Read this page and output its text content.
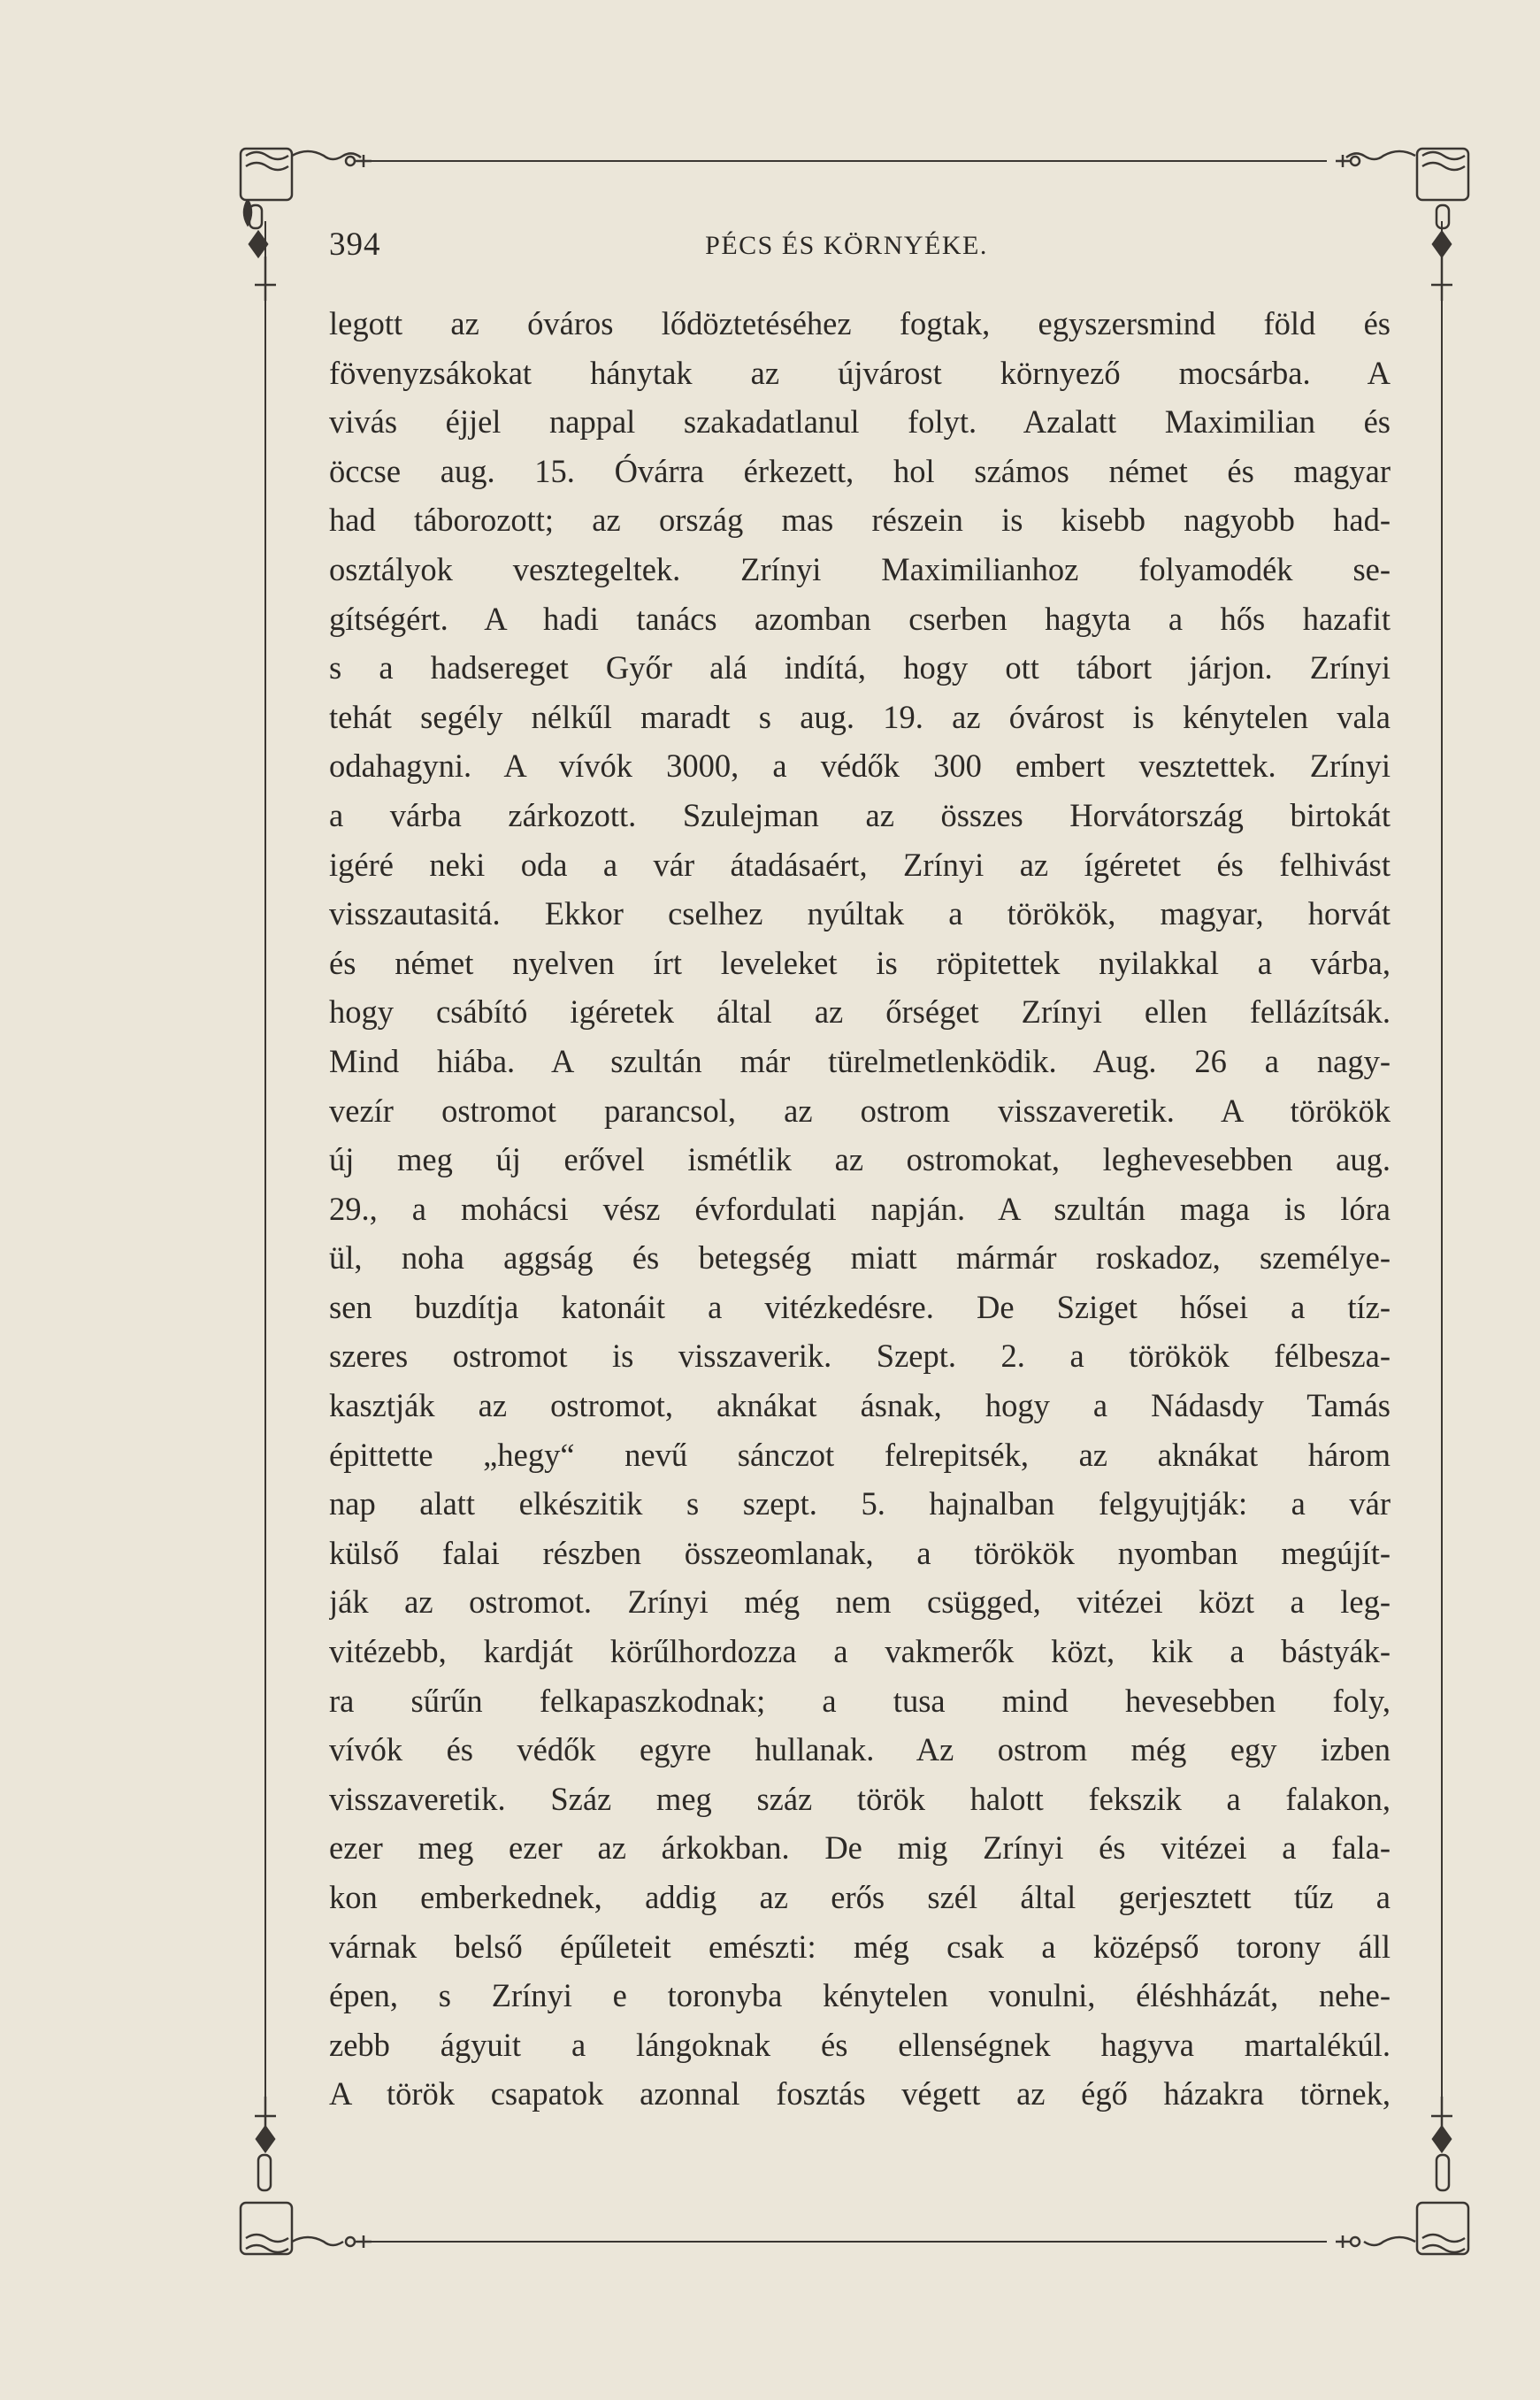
394	PÉCS ÉS KÖRNYÉKE.
legott az óváros lődöztetéséhez fogtak, egyszersmind föld és
fövenyzsákokat hánytak az újvárost környező mocsárba. A
vivás éjjel nappal szakadatlanul folyt. Azalatt Maximilian és
öccse aug. 15. Óvárra érkezett, hol számos német és magyar
had táborozott; az ország mas részein is kisebb nagyobb had-
osztályok vesztegeltek. Zrínyi Maximilianhoz folyamodék se-
gítségért. A hadi tanács azomban cserben hagyta a hős hazafit
s a hadsereget Győr alá indítá, hogy ott tábort járjon. Zrínyi
tehát segély nélkűl maradt s aug. 19. az óvárost is kénytelen vala
odahagyni. A vívók 3000, a védők 300 embert vesztettek. Zrínyi
a várba zárkozott. Szulejman az összes Horvátország birtokát
igéré neki oda a vár átadásaért, Zrínyi az ígéretet és felhivást
visszautasitá. Ekkor cselhez nyúltak a törökök, magyar, horvát
és német nyelven írt leveleket is röpitettek nyilakkal a várba,
hogy csábító igéretek által az őrséget Zrínyi ellen fellázítsák.
Mind hiába. A szultán már türelmetlenködik. Aug. 26 a nagy-
vezír ostromot parancsol, az ostrom visszaveretik. A törökök
új meg új erővel ismétlik az ostromokat, leghevesebben aug.
29., a mohácsi vész évfordulati napján. A szultán maga is lóra
ül, noha aggság és betegség miatt mármár roskadoz, személye-
sen buzdítja katonáit a vitézkedésre. De Sziget hősei a tíz-
szeres ostromot is visszaverik. Szept. 2. a törökök félbesza-
kasztják az ostromot, aknákat ásnak, hogy a Nádasdy Tamás
épittette „hegy“ nevű sánczot felrepitsék, az aknákat három
nap alatt elkészitik s szept. 5. hajnalban felgyujtják: a vár
külső falai részben összeomlanak, a törökök nyomban megújít-
ják az ostromot. Zrínyi még nem csügged, vitézei közt a leg-
vitézebb, kardját körűlhordozza a vakmerők közt, kik a bástyák-
ra sűrűn felkapaszkodnak; a tusa mind hevesebben foly,
vívók és védők egyre hullanak. Az ostrom még egy izben
visszaveretik. Száz meg száz török halott fekszik a falakon,
ezer meg ezer az árkokban. De mig Zrínyi és vitézei a fala-
kon emberkednek, addig az erős szél által gerjesztett tűz a
várnak belső épűleteit emészti: még csak a középső torony áll
épen, s Zrínyi e toronyba kénytelen vonulni, éléshházát, nehe-
zebb ágyuit a lángoknak és ellenségnek hagyva martalékúl.
A török csapatok azonnal fosztás végett az égő házakra törnek,
